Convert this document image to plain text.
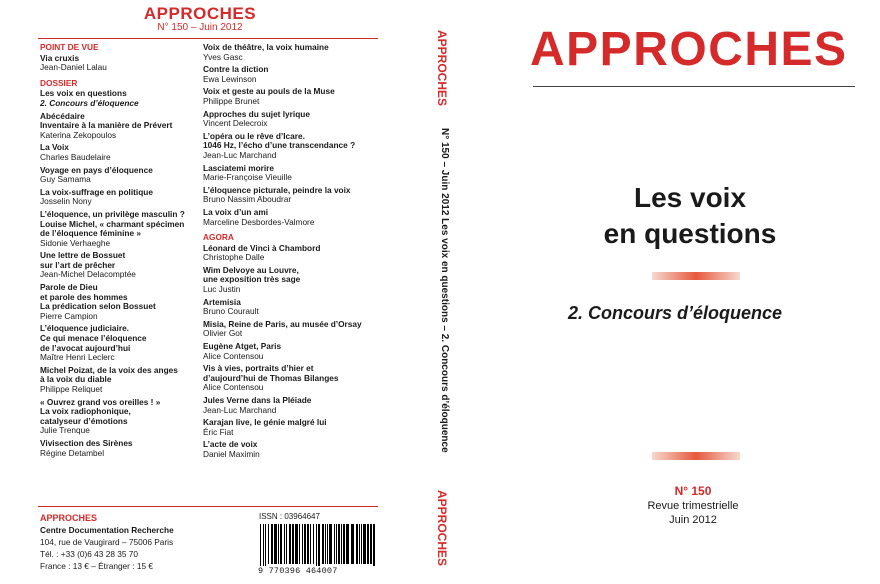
APPROCHES
N° 150 – Juin 2012
POINT DE VUE
Via cruxis
Jean-Daniel Lalau
DOSSIER
Les voix en questions
2. Concours d’éloquence
Abécédaire
Inventaire à la manière de Prévert
Katerina Zekopoulos
La Voix
Charles Baudelaire
Voyage en pays d’éloquence
Guy Samama
La voix-suffrage en politique
Josselin Nony
L’éloquence, un privilège masculin ?
Louise Michel, « charmant spécimen
de l’éloquence féminine »
Sidonie Verhaeghe
Une lettre de Bossuet
sur l’art de prêcher
Jean-Michel Delacomptée
Parole de Dieu
et parole des hommes
La prédication selon Bossuet
Pierre Campion
L’éloquence judiciaire.
Ce qui menace l’éloquence
de l’avocat aujourd’hui
Maître Henri Leclerc
Michel Poizat, de la voix des anges
à la voix du diable
Philippe Reliquet
« Ouvrez grand vos oreilles ! »
La voix radiophonique,
catalyseur d’émotions
Julie Trenque
Vivisection des Sirènes
Régine Detambel
Voix de théâtre, la voix humaine
Yves Gasc
Contre la diction
Ewa Lewinson
Voix et geste au pouls de la Muse
Philippe Brunet
Approches du sujet lyrique
Vincent Delecroix
L’opéra ou le rêve d’Icare.
1046 Hz, l’écho d’une transcendance ?
Jean-Luc Marchand
Lasciatemi morire
Marie-Françoise Vieuille
L’éloquence picturale, peindre la voix
Bruno Nassim Aboudrar
La voix d’un ami
Marceline Desbordes-Valmore
AGORA
Léonard de Vinci à Chambord
Christophe Dalle
Wim Delvoye au Louvre,
une exposition très sage
Luc Justin
Artemisia
Bruno Courault
Misia, Reine de Paris, au musée d’Orsay
Olivier Got
Eugène Atget, Paris
Alice Contensou
Vis à vies, portraits d’hier et
d’aujourd’hui de Thomas Bilanges
Alice Contensou
Jules Verne dans la Pléiade
Jean-Luc Marchand
Karajan live, le génie malgré lui
Éric Fiat
L’acte de voix
Daniel Maximin
APPROCHES
Centre Documentation Recherche
104, rue de Vaugirard – 75006 Paris
Tél. : +33 (0)6 43 28 35 70
France : 13 € – Étranger : 15 €
ISSN : 03964647
9 770396 464007
APPROCHES
N° 150 – Juin 2012 Les voix en questions – 2. Concours d’éloquence
APPROCHES
APPROCHES
Les voix
en questions
2. Concours d’éloquence
N° 150
Revue trimestrielle
Juin 2012
